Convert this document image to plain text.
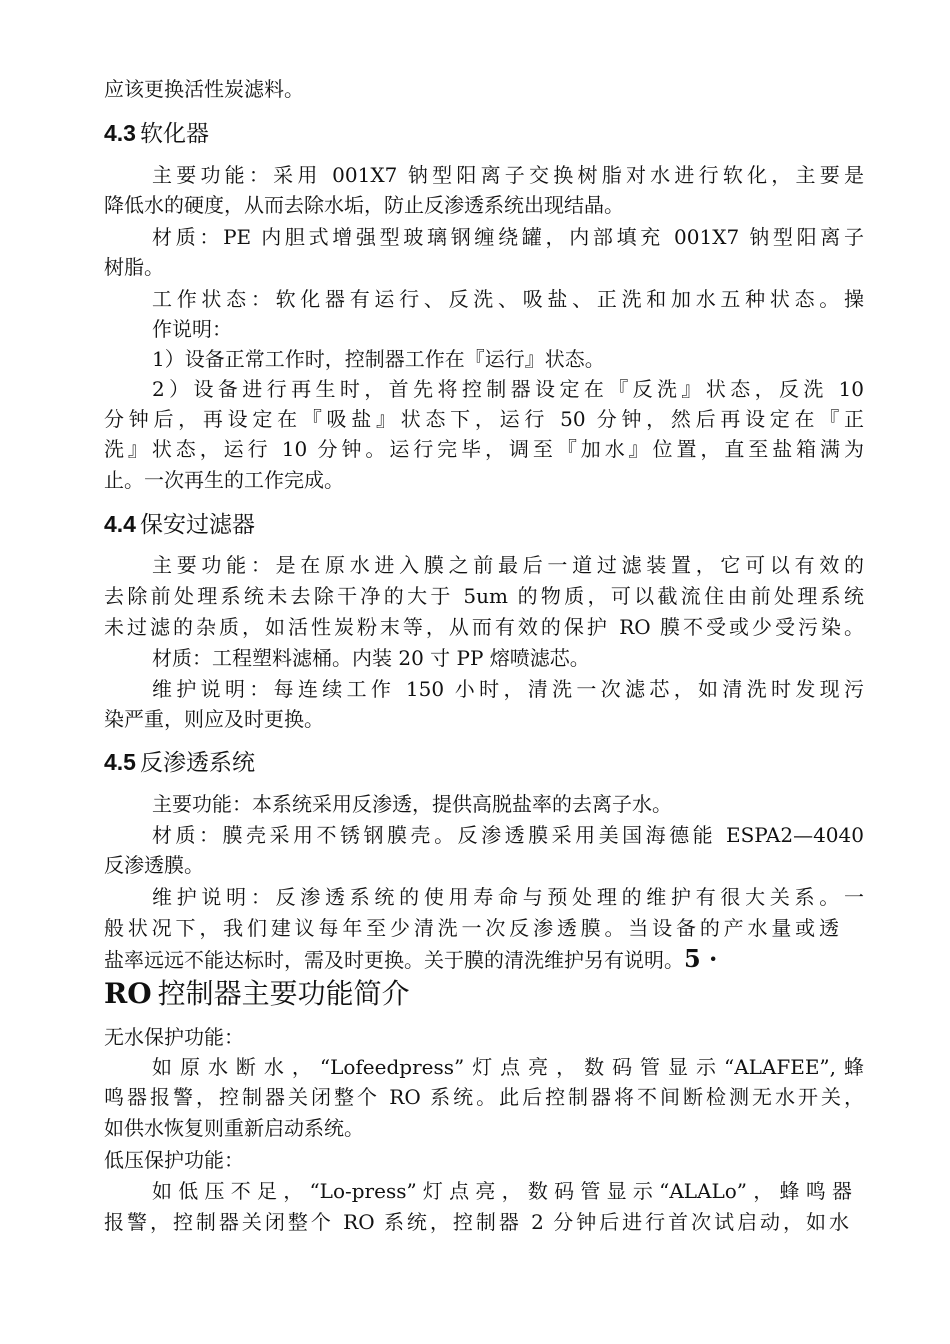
应该更换活性炭滤料。
4.3 软化器
主要功能：采用 001X7 钠型阳离子交换树脂对水进行软化，主要是
降低水的硬度，从而去除水垢，防止反渗透系统出现结晶。
材质：PE 内胆式增强型玻璃钢缠绕罐，内部填充 001X7 钠型阳离子
树脂。
工作状态：软化器有运行、反洗、吸盐、正洗和加水五种状态。操
作说明：
1）设备正常工作时，控制器工作在『运行』状态。
2）设备进行再生时，首先将控制器设定在『反洗』状态，反洗 10
分钟后，再设定在『吸盐』状态下，运行 50 分钟，然后再设定在『正
洗』状态，运行 10 分钟。运行完毕，调至『加水』位置，直至盐箱满为
止。一次再生的工作完成。
4.4 保安过滤器
主要功能：是在原水进入膜之前最后一道过滤装置，它可以有效的
去除前处理系统未去除干净的大于 5um 的物质，可以截流住由前处理系统
未过滤的杂质，如活性炭粉末等，从而有效的保护 RO 膜不受或少受污染。
材质：工程塑料滤桶。内装 20 寸 PP 熔喷滤芯。
维护说明：每连续工作 150 小时，清洗一次滤芯，如清洗时发现污
染严重，则应及时更换。
4.5 反渗透系统
主要功能：本系统采用反渗透，提供高脱盐率的去离子水。
材质：膜壳采用不锈钢膜壳。反渗透膜采用美国海德能 ESPA2—4040
反渗透膜。
维护说明：反渗透系统的使用寿命与预处理的维护有很大关系。一
般状况下，我们建议每年至少清洗一次反渗透膜。当设备的产水量或透
盐率远远不能达标时，需及时更换。关于膜的清洗维护另有说明。5 ·
RO 控制器主要功能简介
无水保护功能：
如原水断水，“Lofeedpress”灯点亮，数码管显示“ALAFEE”,蜂
鸣器报警，控制器关闭整个 RO 系统。此后控制器将不间断检测无水开关，
如供水恢复则重新启动系统。
低压保护功能：
如低压不足，“Lo-press”灯点亮，数码管显示“ALALo”，蜂鸣器
报警，控制器关闭整个 RO 系统，控制器 2 分钟后进行首次试启动，如水
